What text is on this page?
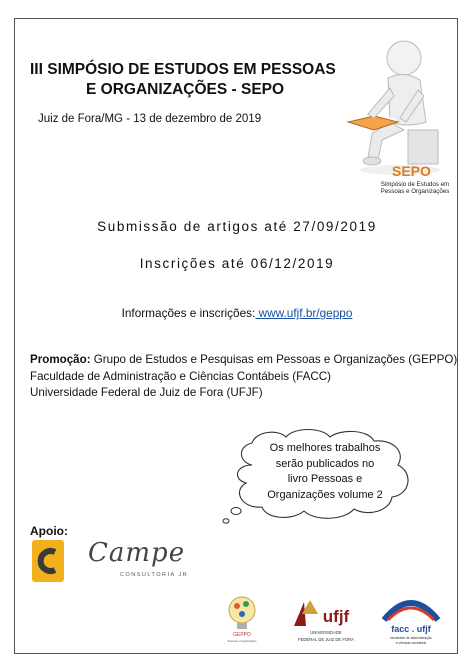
III SIMPÓSIO DE ESTUDOS EM PESSOAS
E ORGANIZAÇÕES - SEPO
Juiz de Fora/MG - 13 de dezembro de 2019
SEPO
Simpósio de Estudos em Pessoas e Organizações
Submissão de artigos até 27/09/2019
Inscrições até 06/12/2019
Informações e inscrições: www.ufjf.br/geppo
Promoção: Grupo de Estudos e Pesquisas em Pessoas e Organizações (GEPPO)
Faculdade de Administração e Ciências Contábeis (FACC)
Universidade Federal de Juiz de Fora (UFJF)
Os melhores trabalhos
serão publicados no
livro Pessoas e
Organizações volume 2
Apoio:
Campe
CONSULTORIA JR
GEPPO
Pessoas e Organizações
ufjf
UNIVERSIDADE
FEDERAL DE JUIZ DE FORA
facc . ufjf
faculdade de administração
e ciências contábeis
